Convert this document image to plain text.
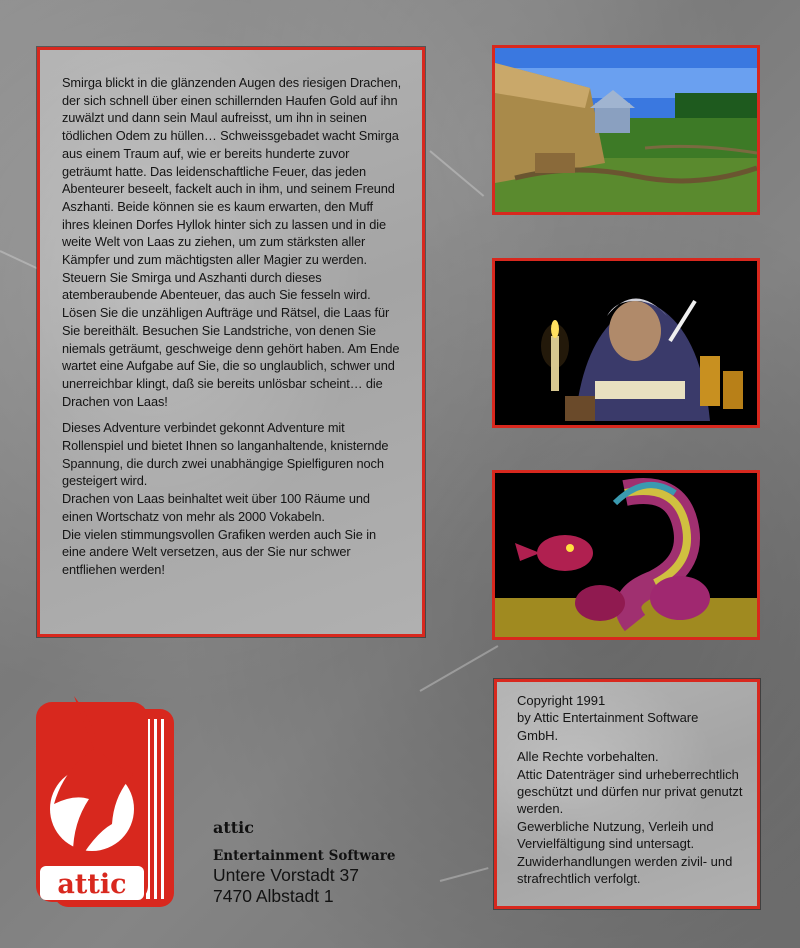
Smirga blickt in die glänzenden Augen des riesigen Drachen, der sich schnell über einen schillernden Haufen Gold auf ihn zuwälzt und dann sein Maul aufreisst, um ihn in seinen tödlichen Odem zu hüllen… Schweissgebadet wacht Smirga aus einem Traum auf, wie er bereits hunderte zuvor geträumt hatte. Das leidenschaftliche Feuer, das jeden Abenteurer beseelt, fackelt auch in ihm, und seinem Freund Aszhanti. Beide können sie es kaum erwarten, den Muff ihres kleinen Dorfes Hyllok hinter sich zu lassen und in die weite Welt von Laas zu ziehen, um zum stärksten aller Kämpfer und zum mächtigsten aller Magier zu werden. Steuern Sie Smirga und Aszhanti durch dieses atemberaubende Abenteuer, das auch Sie fesseln wird. Lösen Sie die unzähligen Aufträge und Rätsel, die Laas für Sie bereithält. Besuchen Sie Landstriche, von denen Sie niemals geträumt, geschweige denn gehört haben. Am Ende wartet eine Aufgabe auf Sie, die so unglaublich, schwer und unerreichbar klingt, daß sie bereits unlösbar scheint… die Drachen von Laas!

Dieses Adventure verbindet gekonnt Adventure mit Rollenspiel und bietet Ihnen so langanhaltende, knisternde Spannung, die durch zwei unabhängige Spielfiguren noch gesteigert wird.

Drachen von Laas beinhaltet weit über 100 Räume und einen Wortschatz von mehr als 2000 Vokabeln.

Die vielen stimmungsvollen Grafiken werden auch Sie in eine andere Welt versetzen, aus der Sie nur schwer entfliehen werden!

Copyright 1991

by Attic Entertainment Software GmbH.

Alle Rechte vorbehalten.

Attic Datenträger sind urheberrechtlich geschützt und dürfen nur privat genutzt werden.

Gewerbliche Nutzung, Verleih und Vervielfältigung sind untersagt.

Zuwiderhandlungen werden zivil- und strafrechtlich verfolgt.

attic
attic
Entertainment Software
Untere Vorstadt 37
7470 Albstadt 1
